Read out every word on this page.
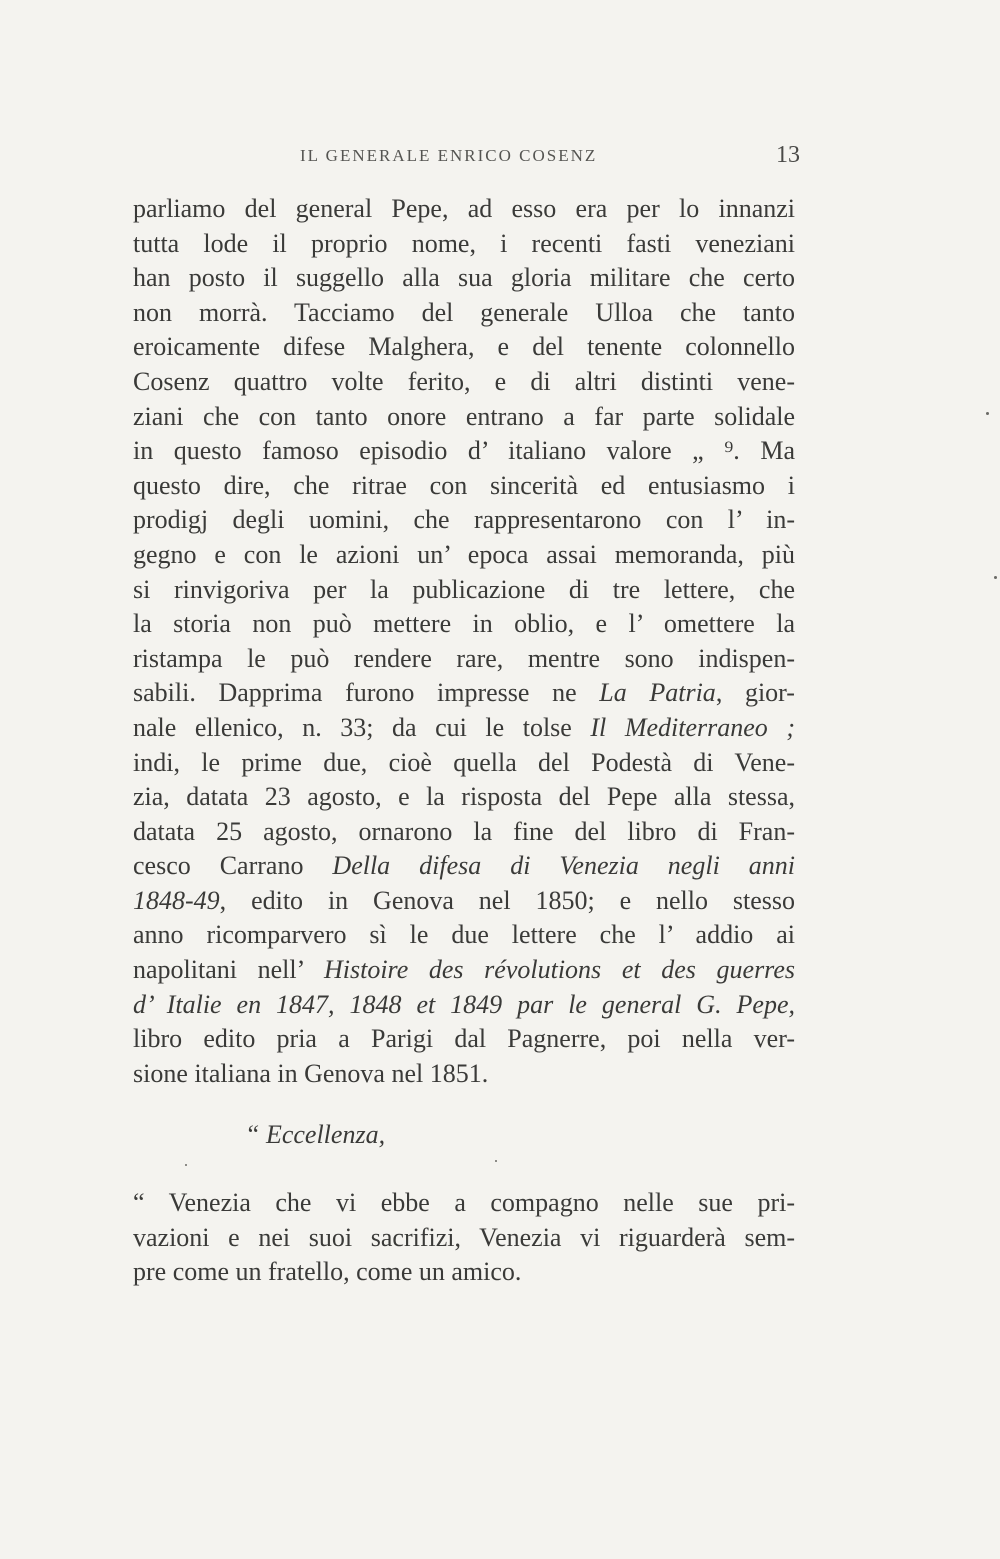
IL GENERALE ENRICO COSENZ	13
parliamo del general Pepe, ad esso era per lo innanzi
tutta lode il proprio nome, i recenti fasti veneziani
han posto il suggello alla sua gloria militare che certo
non morrà. Tacciamo del generale Ulloa che tanto
eroicamente difese Malghera, e del tenente colonnello
Cosenz quattro volte ferito, e di altri distinti vene-
ziani che con tanto onore entrano a far parte solidale
in questo famoso episodio d’ italiano valore „ ⁹. Ma
questo dire, che ritrae con sincerità ed entusiasmo i
prodigj degli uomini, che rappresentarono con l’ in-
gegno e con le azioni un’ epoca assai memoranda, più
si rinvigoriva per la publicazione di tre lettere, che
la storia non può mettere in oblio, e l’ omettere la
ristampa le può rendere rare, mentre sono indispen-
sabili. Dapprima furono impresse ne La Patria, gior-
nale ellenico, n. 33; da cui le tolse Il Mediterraneo ;
indi, le prime due, cioè quella del Podestà di Vene-
zia, datata 23 agosto, e la risposta del Pepe alla stessa,
datata 25 agosto, ornarono la fine del libro di Fran-
cesco Carrano Della difesa di Venezia negli anni
1848-49, edito in Genova nel 1850; e nello stesso
anno ricomparvero sì le due lettere che l’ addio ai
napolitani nell’ Histoire des révolutions et des guerres
d’ Italie en 1847, 1848 et 1849 par le general G. Pepe,
libro edito pria a Parigi dal Pagnerre, poi nella ver-
sione italiana in Genova nel 1851.
“ Eccellenza,
“ Venezia che vi ebbe a compagno nelle sue pri-
vazioni e nei suoi sacrifizi, Venezia vi riguarderà sem-
pre come un fratello, come un amico.
